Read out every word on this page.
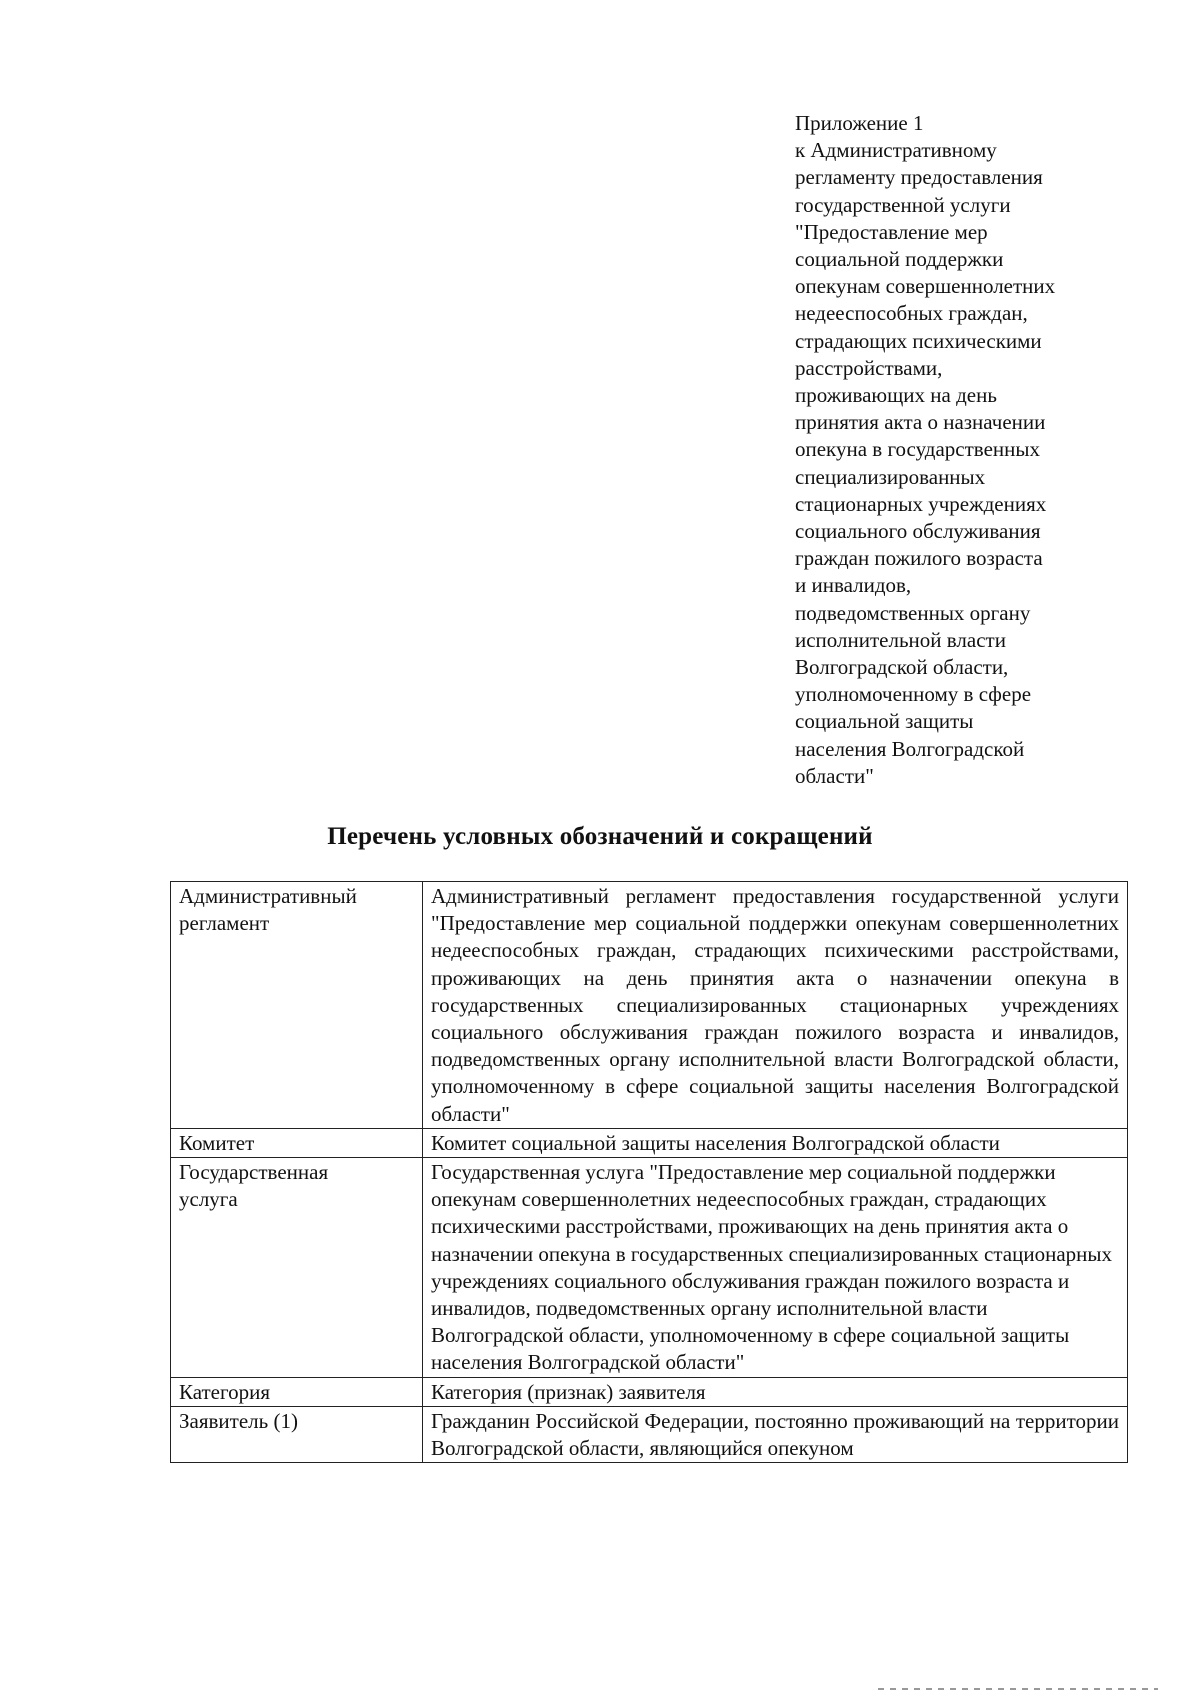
Приложение 1
к Административному
регламенту предоставления
государственной услуги
"Предоставление мер
социальной поддержки
опекунам совершеннолетних
недееспособных граждан,
страдающих психическими
расстройствами,
проживающих на день
принятия акта о назначении
опекуна в государственных
специализированных
стационарных учреждениях
социального обслуживания
граждан пожилого возраста
и инвалидов,
подведомственных органу
исполнительной власти
Волгоградской области,
уполномоченному в сфере
социальной защиты
населения Волгоградской
области"
Перечень условных обозначений и сокращений
Административный
регламент	Административный регламент предоставления государственной услуги "Предоставление мер социальной поддержки опекунам совершеннолетних недееспособных граждан, страдающих психическими расстройствами, проживающих на день принятия акта о назначении опекуна в государственных специализированных стационарных учреждениях социального обслуживания граждан пожилого возраста и инвалидов, подведомственных органу исполнительной власти Волгоградской области, уполномоченному в сфере социальной защиты населения Волгоградской области"

Комитет	Комитет социальной защиты населения Волгоградской области

Государственная
услуга	Государственная услуга "Предоставление мер социальной поддержки опекунам совершеннолетних недееспособных граждан, страдающих психическими расстройствами, проживающих на день принятия акта о назначении опекуна в государственных специализированных стационарных учреждениях социального обслуживания граждан пожилого возраста и инвалидов, подведомственных органу исполнительной власти Волгоградской области, уполномоченному в сфере социальной защиты населения Волгоградской области"

Категория	Категория (признак) заявителя

Заявитель (1)	Гражданин Российской Федерации, постоянно проживающий на территории Волгоградской области, являющийся опекуном
